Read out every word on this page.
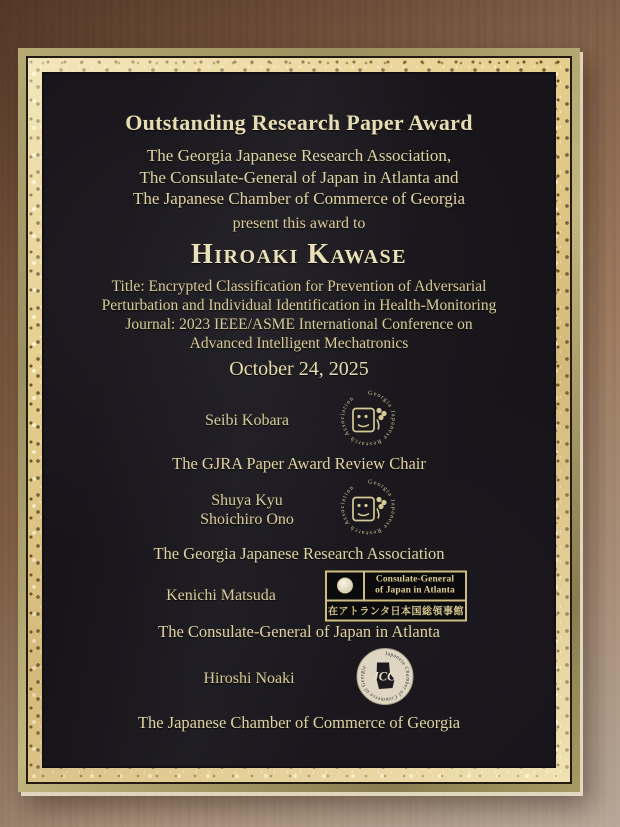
Outstanding Research Paper Award
The Georgia Japanese Research Association,
The Consulate-General of Japan in Atlanta and
The Japanese Chamber of Commerce of Georgia
present this award to
Hiroaki Kawase
Title: Encrypted Classification for Prevention of Adversarial
Perturbation and Individual Identification in Health-Monitoring
Journal: 2023 IEEE/ASME International Conference on
Advanced Intelligent Mechatronics
October 24, 2025
Seibi Kobara
Georgia Japanese Research Association
The GJRA Paper Award Review Chair
Shuya Kyu
Shoichiro Ono
Georgia Japanese Research Association
The Georgia Japanese Research Association
Kenichi Matsuda
Consulate-General
of Japan in Atlanta
在アトランタ日本国総領事館
The Consulate-General of Japan in Atlanta
Hiroshi Noaki
Japanese Chamber of Commerce of Georgia
JCC
The Japanese Chamber of Commerce of Georgia
